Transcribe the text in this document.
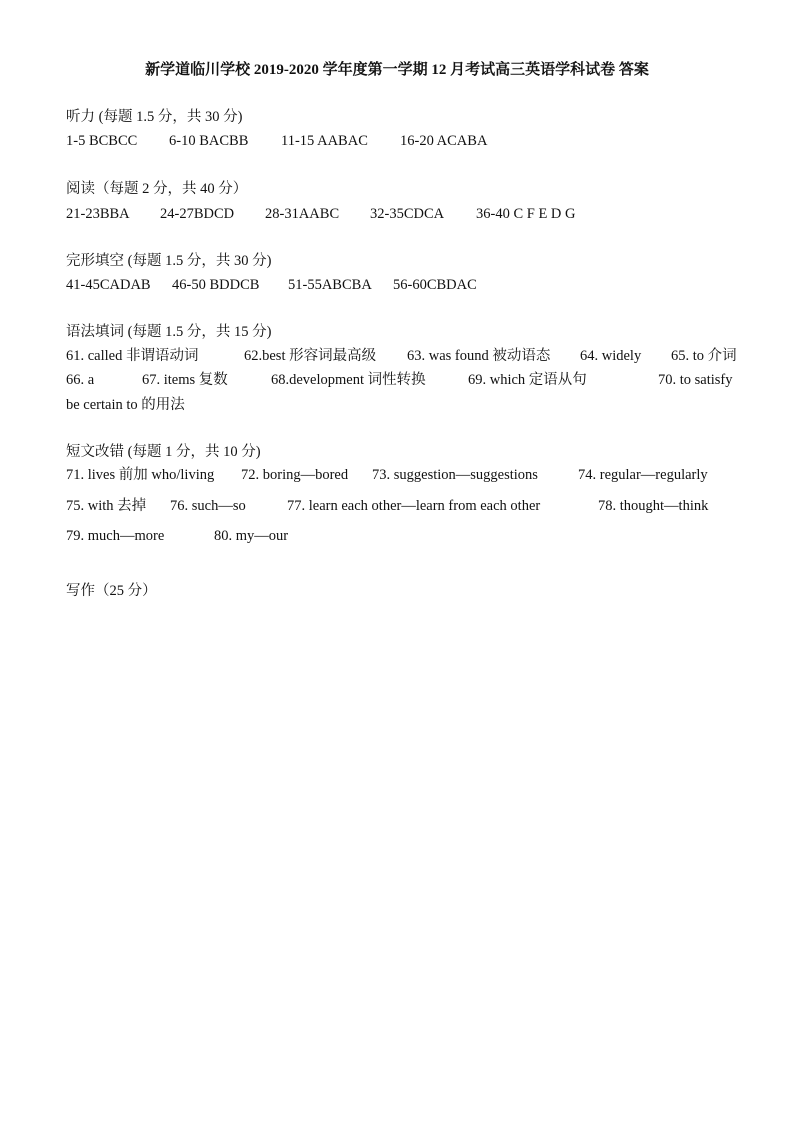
新学道临川学校 2019-2020 学年度第一学期 12 月考试高三英语学科试卷 答案
听力 (每题 1.5 分，共 30 分)

1-5 BCBCC

6-10 BACBB

11-15 AABAC

16-20 ACABA

阅读（每题 2 分，共 40 分）

21-23BBA

24-27BDCD

28-31AABC

32-35CDCA

36-40 C F E D G

完形填空 (每题 1.5 分，共 30 分)

41-45CADAB

46-50 BDDCB

51-55ABCBA

56-60CBDAC

语法填词 (每题 1.5 分，共 15 分)

61. called 非谓语动词

	62.best 形容词最高级

63. was found 被动语态

64. widely

65. to 介词

66. a

	67. items 复数

	68.development 词性转换

	69. which 定语从句

	70. to satisfy

be certain to 的用法

短文改错 (每题 1 分，共 10 分)

71. lives 前加 who/living

72. boring—bored

73. suggestion—suggestions

	74. regular—regularly

75. with 去掉

76. such—so

	77. learn each other—learn from each other

	78. thought—think

79. much—more

	80. my—our

写作（25 分）
